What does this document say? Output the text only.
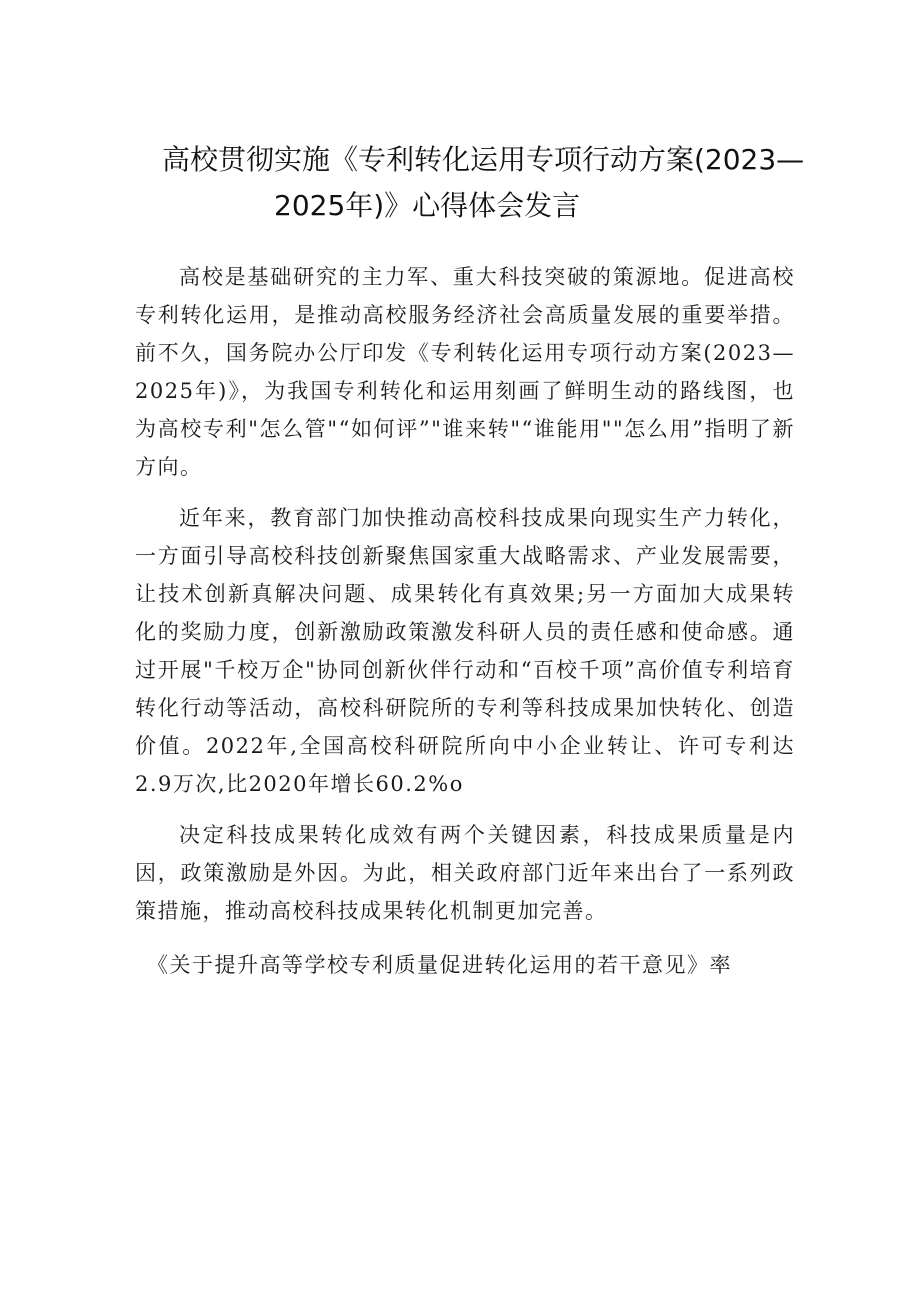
高校贯彻实施《专利转化运用专项行动方案(2023—
2025年)》心得体会发言

高校是基础研究的主力军、重大科技突破的策源地。促进高校专利转化运用，是推动高校服务经济社会高质量发展的重要举措。前不久，国务院办公厅印发《专利转化运用专项行动方案(2023—2025年)》，为我国专利转化和运用刻画了鲜明生动的路线图，也为高校专利"怎么管"“如何评”"谁来转"“谁能用""怎么用”指明了新方向。

近年来，教育部门加快推动高校科技成果向现实生产力转化，一方面引导高校科技创新聚焦国家重大战略需求、产业发展需要，让技术创新真解决问题、成果转化有真效果;另一方面加大成果转化的奖励力度，创新激励政策激发科研人员的责任感和使命感。通过开展"千校万企"协同创新伙伴行动和“百校千项”高价值专利培育转化行动等活动，高校科研院所的专利等科技成果加快转化、创造价值。2022年,全国高校科研院所向中小企业转让、许可专利达2.9万次,比2020年增长60.2%o

决定科技成果转化成效有两个关键因素，科技成果质量是内因，政策激励是外因。为此，相关政府部门近年来出台了一系列政策措施，推动高校科技成果转化机制更加完善。

《关于提升高等学校专利质量促进转化运用的若干意见》率
